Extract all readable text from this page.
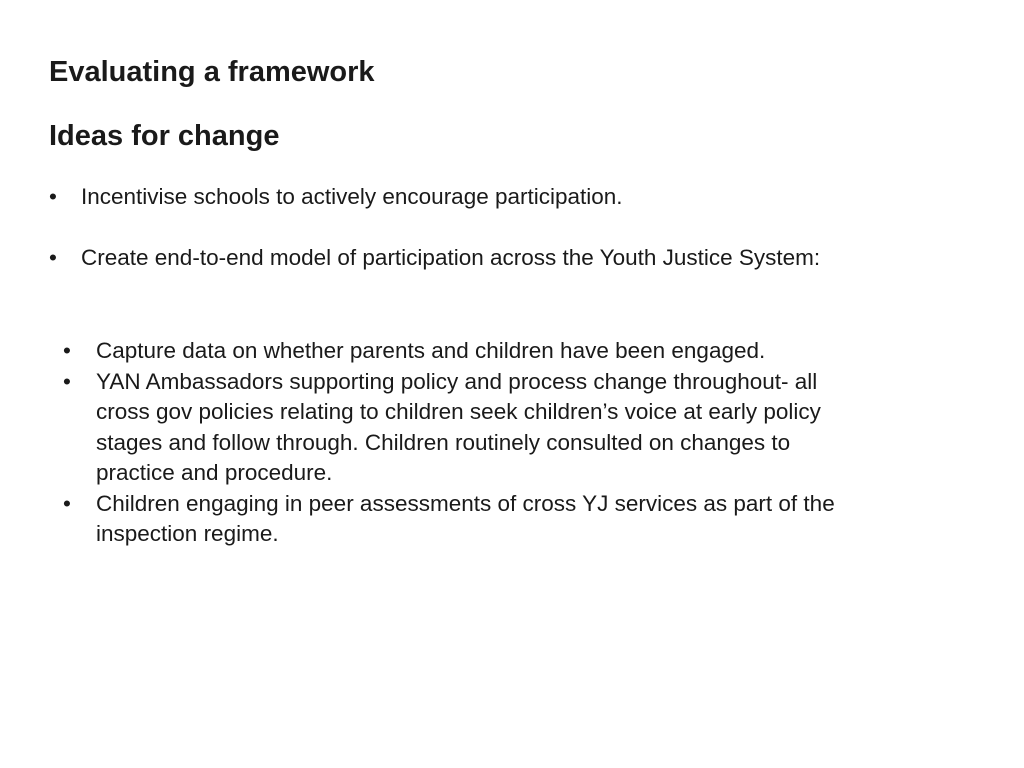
Evaluating a framework
Ideas for change
• Incentivise schools to actively encourage participation.
• Create end-to-end model of participation across the Youth Justice System:
• Capture data on whether parents and children have been engaged.
• YAN Ambassadors supporting policy and process change throughout- all cross gov policies relating to children seek children’s voice at early policy stages and follow through. Children routinely consulted on changes to practice and procedure.
• Children engaging in peer assessments of cross YJ services as part of the inspection regime.
